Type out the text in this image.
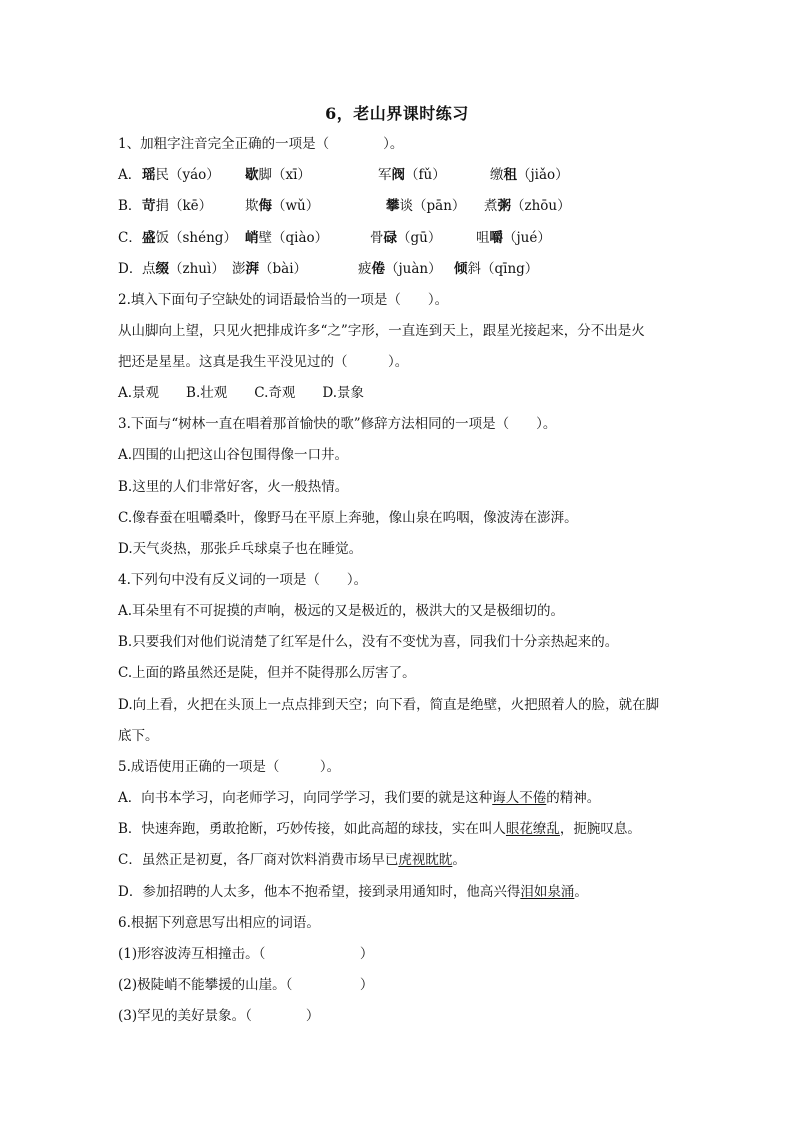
6，老山界课时练习
1、加粗字注音完全正确的一项是（　　　　）。
A． 瑶民（yáo） 歇脚（xī）	军阀（fǔ）	缴租（jiǎo）
B． 苛捐（kē） 欺侮（wǔ）	攀谈（pān） 煮粥（zhōu）
C． 盛饭（shéng） 峭壁（qiào）	骨碌（gū）	咀嚼（jué）
D． 点缀（zhuì） 澎湃（bài）	疲倦（juàn） 倾斜（qīng）
2.填入下面句子空缺处的词语最恰当的一项是（　　）。
从山脚向上望，只见火把排成许多“之”字形，一直连到天上，跟星光接起来，分不出是火
把还是星星。这真是我生平没见过的（　　　）。
A.景观　　B.壮观　　C.奇观　　D.景象
3.下面与“树林一直在唱着那首愉快的歌”修辞方法相同的一项是（　　）。
A.四围的山把这山谷包围得像一口井。
B.这里的人们非常好客，火一般热情。
C.像春蚕在咀嚼桑叶，像野马在平原上奔驰，像山泉在呜咽，像波涛在澎湃。
D.天气炎热，那张乒乓球桌子也在睡觉。
4.下列句中没有反义词的一项是（　　）。
A.耳朵里有不可捉摸的声响，极远的又是极近的，极洪大的又是极细切的。
B.只要我们对他们说清楚了红军是什么，没有不变忧为喜，同我们十分亲热起来的。
C.上面的路虽然还是陡，但并不陡得那么厉害了。
D.向上看，火把在头顶上一点点排到天空；向下看，简直是绝壁，火把照着人的脸，就在脚
底下。
5.成语使用正确的一项是（　　　）。
A．向书本学习，向老师学习，向同学学习，我们要的就是这种诲人不倦的精神。
B．快速奔跑，勇敢抢断，巧妙传接，如此高超的球技，实在叫人眼花缭乱，扼腕叹息。
C．虽然正是初夏，各厂商对饮料消费市场早已虎视眈眈。
D．参加招聘的人太多，他本不抱希望，接到录用通知时，他高兴得泪如泉涌。
6.根据下列意思写出相应的词语。
(1)形容波涛互相撞击。（　　　　　　　）
(2)极陡峭不能攀援的山崖。（　　　　　）
(3)罕见的美好景象。（　　　　）
